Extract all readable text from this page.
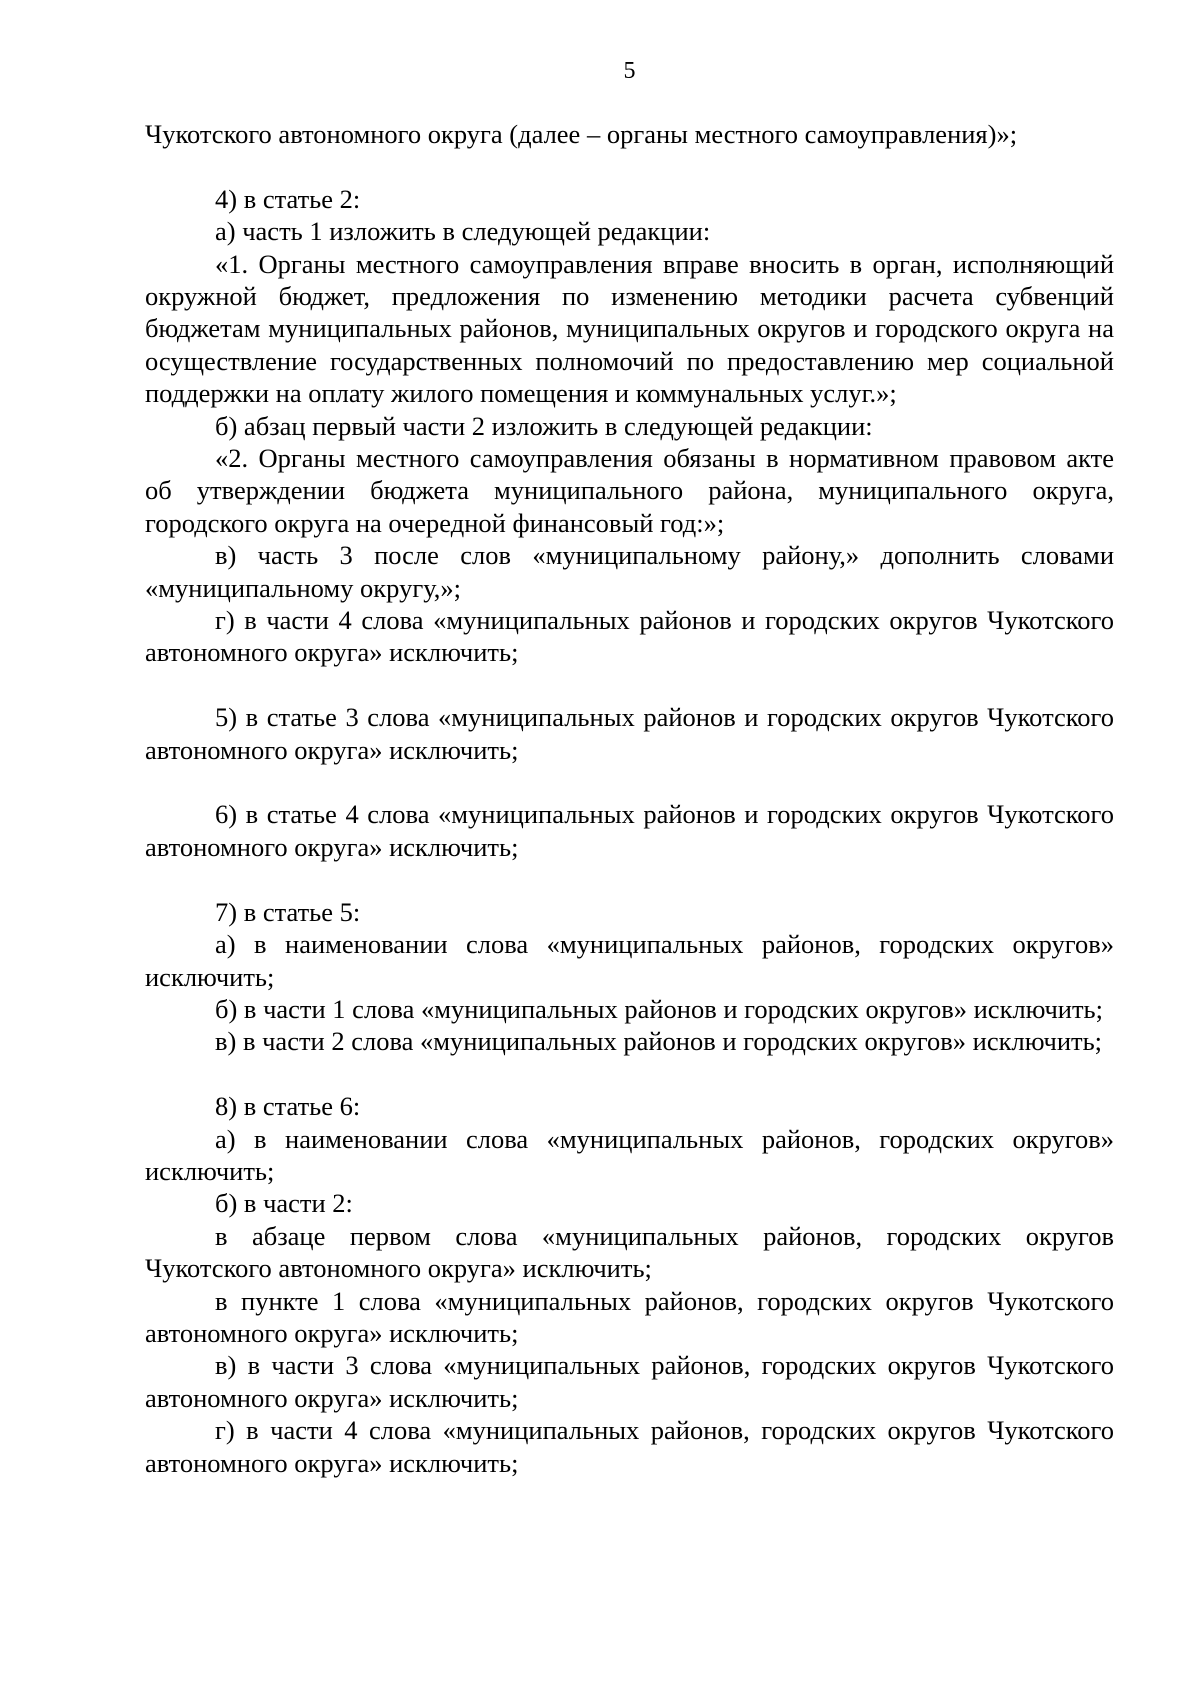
5

Чукотского автономного округа (далее – органы местного самоуправления)»;

4) в статье 2:

а) часть 1 изложить в следующей редакции:

«1. Органы местного самоуправления вправе вносить в орган, исполняющий окружной бюджет, предложения по изменению методики расчета субвенций бюджетам муниципальных районов, муниципальных округов и городского округа на осуществление государственных полномочий по предоставлению мер социальной поддержки на оплату жилого помещения и коммунальных услуг.»;

б) абзац первый части 2 изложить в следующей редакции:

«2. Органы местного самоуправления обязаны в нормативном правовом акте об утверждении бюджета муниципального района, муниципального округа, городского округа на очередной финансовый год:»;

в) часть 3 после слов «муниципальному району,» дополнить словами «муниципальному округу,»;

г) в части 4 слова «муниципальных районов и городских округов Чукотского автономного округа» исключить;

5) в статье 3 слова «муниципальных районов и городских округов Чукотского автономного округа» исключить;

6) в статье 4 слова «муниципальных районов и городских округов Чукотского автономного округа» исключить;

7) в статье 5:

а) в наименовании слова «муниципальных районов, городских округов» исключить;

б) в части 1 слова «муниципальных районов и городских округов» исключить;

в) в части 2 слова «муниципальных районов и городских округов» исключить;

8) в статье 6:

а) в наименовании слова «муниципальных районов, городских округов» исключить;

б) в части 2:

в абзаце первом слова «муниципальных районов, городских округов Чукотского автономного округа» исключить;

в пункте 1 слова «муниципальных районов, городских округов Чукотского автономного округа» исключить;

в) в части 3 слова «муниципальных районов, городских округов Чукотского автономного округа» исключить;

г) в части 4 слова «муниципальных районов, городских округов Чукотского автономного округа» исключить;
